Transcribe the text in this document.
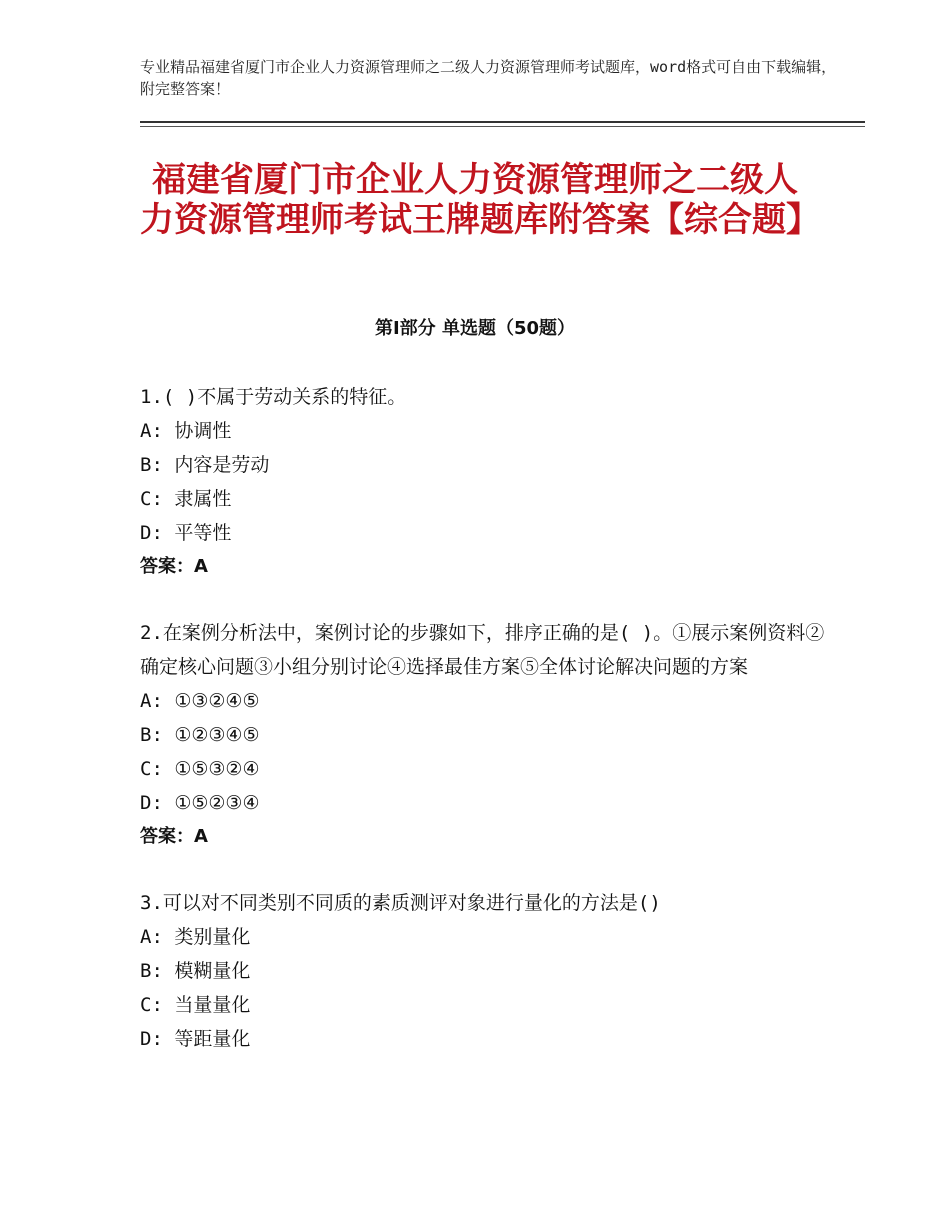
专业精品福建省厦门市企业人力资源管理师之二级人力资源管理师考试题库，word格式可自由下载编辑，附完整答案！
福建省厦门市企业人力资源管理师之二级人力资源管理师考试王牌题库附答案【综合题】
第Ⅰ部分 单选题（50题）
1.( )不属于劳动关系的特征。
A: 协调性
B: 内容是劳动
C: 隶属性
D: 平等性
答案：A
2.在案例分析法中，案例讨论的步骤如下，排序正确的是( )。①展示案例资料②确定核心问题③小组分别讨论④选择最佳方案⑤全体讨论解决问题的方案
A: ①③②④⑤
B: ①②③④⑤
C: ①⑤③②④
D: ①⑤②③④
答案：A
3.可以对不同类别不同质的素质测评对象进行量化的方法是()
A: 类别量化
B: 模糊量化
C: 当量量化
D: 等距量化
